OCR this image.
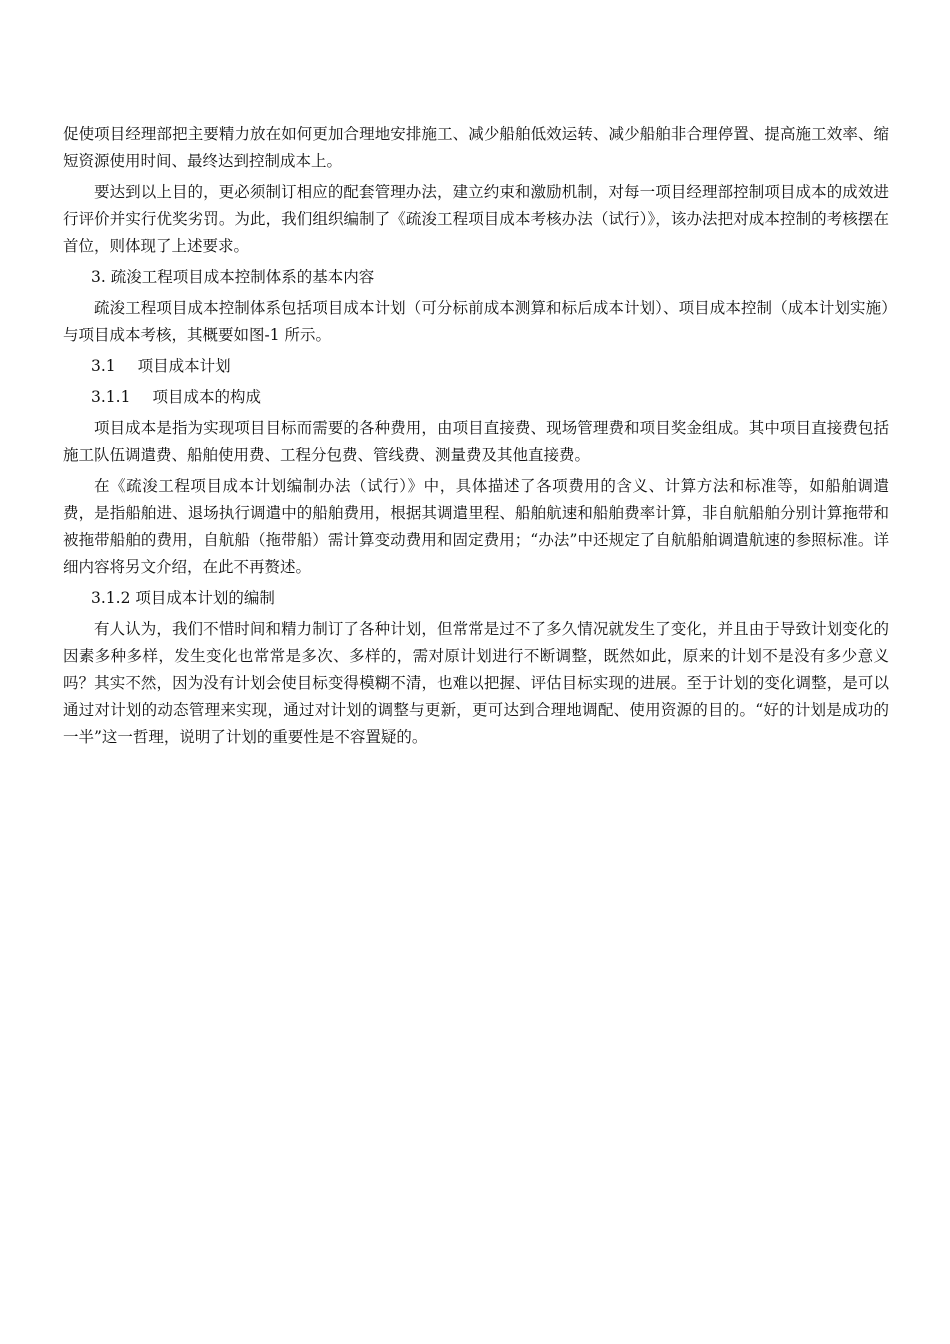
促使项目经理部把主要精力放在如何更加合理地安排施工、减少船舶低效运转、减少船舶非合理停置、提高施工效率、缩短资源使用时间、最终达到控制成本上。

要达到以上目的，更必须制订相应的配套管理办法，建立约束和激励机制，对每一项目经理部控制项目成本的成效进行评价并实行优奖劣罚。为此，我们组织编制了《疏浚工程项目成本考核办法（试行）》，该办法把对成本控制的考核摆在首位，则体现了上述要求。

3. 疏浚工程项目成本控制体系的基本内容

疏浚工程项目成本控制体系包括项目成本计划（可分标前成本测算和标后成本计划）、项目成本控制（成本计划实施）与项目成本考核，其概要如图-1 所示。

3.1 项目成本计划

3.1.1 项目成本的构成

项目成本是指为实现项目目标而需要的各种费用，由项目直接费、现场管理费和项目奖金组成。其中项目直接费包括施工队伍调遣费、船舶使用费、工程分包费、管线费、测量费及其他直接费。

在《疏浚工程项目成本计划编制办法（试行）》中，具体描述了各项费用的含义、计算方法和标准等，如船舶调遣费，是指船舶进、退场执行调遣中的船舶费用，根据其调遣里程、船舶航速和船舶费率计算，非自航船舶分别计算拖带和被拖带船舶的费用，自航船（拖带船）需计算变动费用和固定费用；“办法”中还规定了自航船舶调遣航速的参照标准。详细内容将另文介绍，在此不再赘述。

3.1.2 项目成本计划的编制

有人认为，我们不惜时间和精力制订了各种计划，但常常是过不了多久情况就发生了变化，并且由于导致计划变化的因素多种多样，发生变化也常常是多次、多样的，需对原计划进行不断调整，既然如此，原来的计划不是没有多少意义吗？其实不然，因为没有计划会使目标变得模糊不清，也难以把握、评估目标实现的进展。至于计划的变化调整，是可以通过对计划的动态管理来实现，通过对计划的调整与更新，更可达到合理地调配、使用资源的目的。“好的计划是成功的一半”这一哲理，说明了计划的重要性是不容置疑的。
